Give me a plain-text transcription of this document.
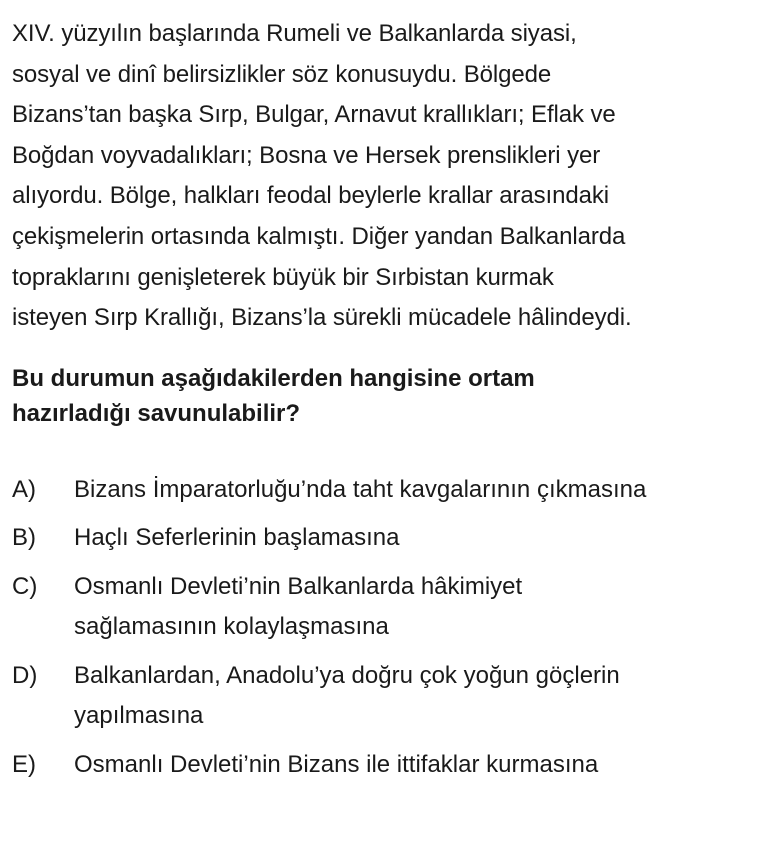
XIV. yüzyılın başlarında Rumeli ve Balkanlarda siyasi,
sosyal ve dinî belirsizlikler söz konusuydu. Bölgede
Bizans’tan başka Sırp, Bulgar, Arnavut krallıkları; Eflak ve
Boğdan voyvadalıkları; Bosna ve Hersek prenslikleri yer
alıyordu. Bölge, halkları feodal beylerle krallar arasındaki
çekişmelerin ortasında kalmıştı. Diğer yandan Balkanlarda
topraklarını genişleterek büyük bir Sırbistan kurmak
isteyen Sırp Krallığı, Bizans’la sürekli mücadele hâlindeydi.
Bu durumun aşağıdakilerden hangisine ortam
hazırladığı savunulabilir?
A)	Bizans İmparatorluğu’nda taht kavgalarının çıkmasına
B)	Haçlı Seferlerinin başlamasına
C)	Osmanlı Devleti’nin Balkanlarda hâkimiyet
sağlamasının kolaylaşmasına
D)	Balkanlardan, Anadolu’ya doğru çok yoğun göçlerin
yapılmasına
E)	Osmanlı Devleti’nin Bizans ile ittifaklar kurmasına
